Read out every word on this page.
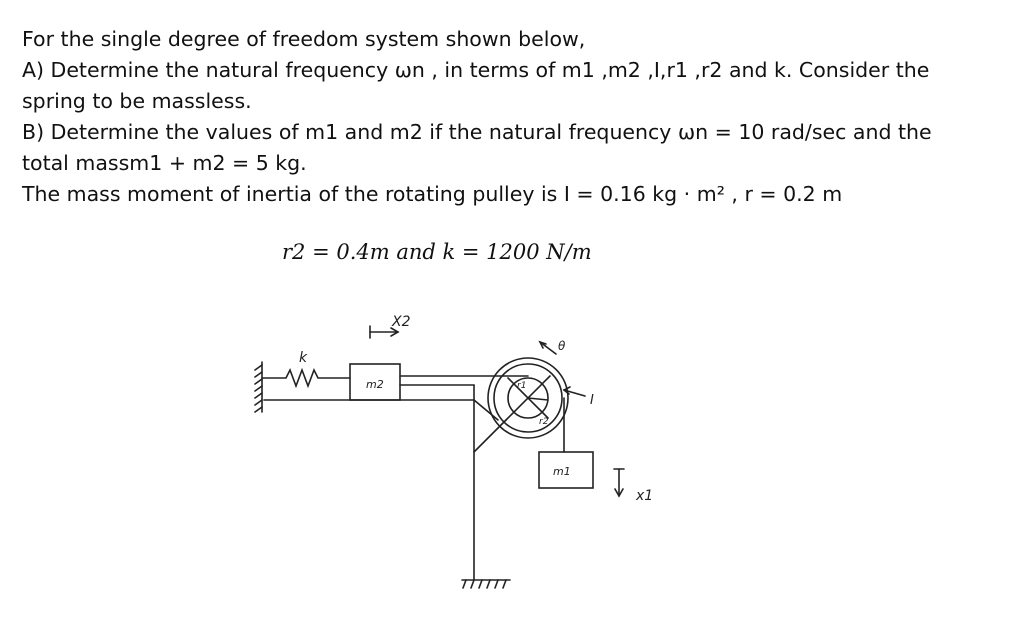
For the single degree of freedom system shown below,
A) Determine the natural frequency ωn , in terms of m1 ,m2 ,I,r1 ,r2 and k. Consider the
spring to be massless.
B) Determine the values of m1 and m2 if the natural frequency ωn = 10 rad/sec and the
total massm1 + m2 = 5 kg.
The mass moment of inertia of the rotating pulley is I = 0.16 kg · m² , r = 0.2 m
r2 = 0.4m and k = 1200 N/m
k
m2
X2
θ
r1
r2
I
m1
x1
